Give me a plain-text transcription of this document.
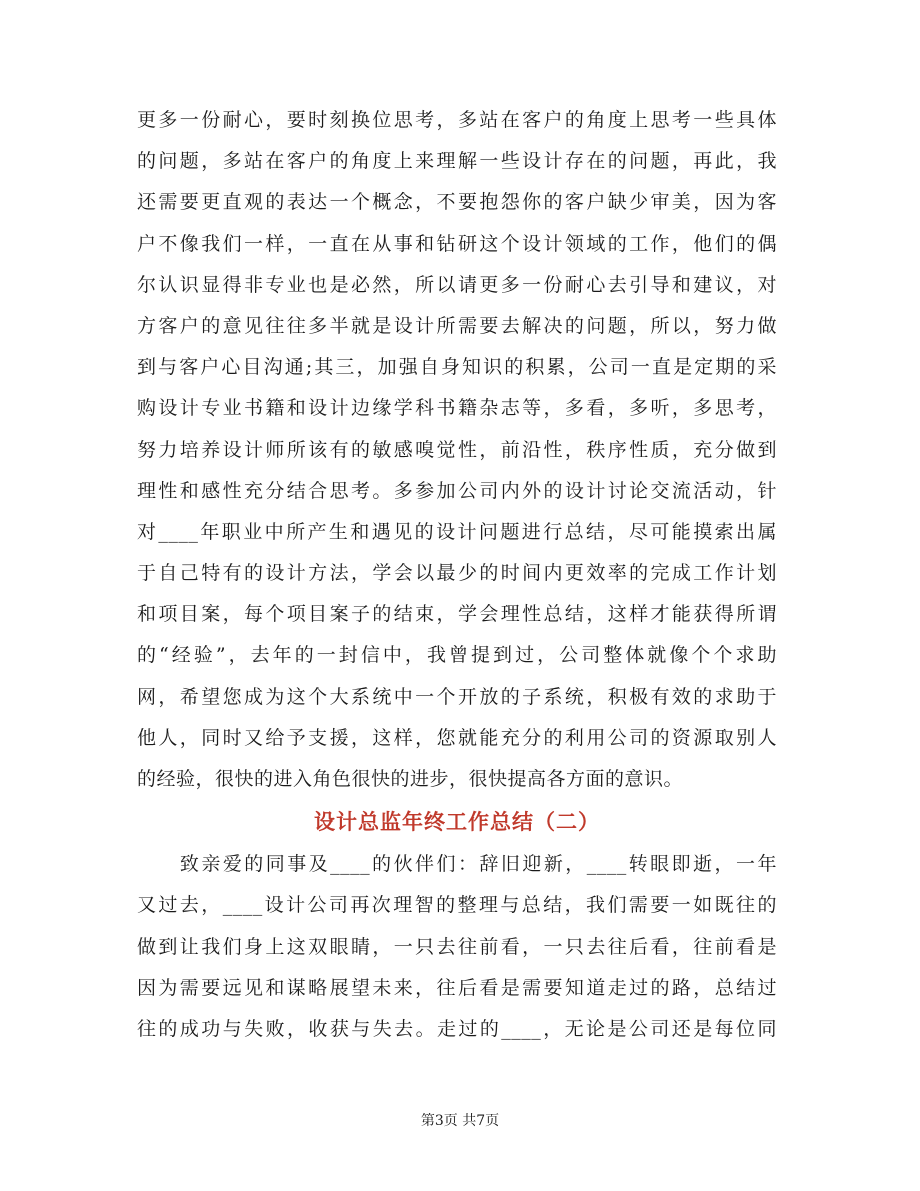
更多一份耐心，要时刻换位思考，多站在客户的角度上思考一些具体
的问题，多站在客户的角度上来理解一些设计存在的问题，再此，我
还需要更直观的表达一个概念，不要抱怨你的客户缺少审美，因为客
户不像我们一样，一直在从事和钻研这个设计领域的工作，他们的偶
尔认识显得非专业也是必然，所以请更多一份耐心去引导和建议，对
方客户的意见往往多半就是设计所需要去解决的问题，所以，努力做
到与客户心目沟通;其三，加强自身知识的积累，公司一直是定期的采
购设计专业书籍和设计边缘学科书籍杂志等，多看，多听，多思考，
努力培养设计师所该有的敏感嗅觉性，前沿性，秩序性质，充分做到
理性和感性充分结合思考。多参加公司内外的设计讨论交流活动，针
对____年职业中所产生和遇见的设计问题进行总结，尽可能摸索出属
于自己特有的设计方法，学会以最少的时间内更效率的完成工作计划
和项目案，每个项目案子的结束，学会理性总结，这样才能获得所谓
的“经验”，去年的一封信中，我曾提到过，公司整体就像个个求助
网，希望您成为这个大系统中一个开放的子系统，积极有效的求助于
他人，同时又给予支援，这样，您就能充分的利用公司的资源取别人
的经验，很快的进入角色很快的进步，很快提高各方面的意识。
设计总监年终工作总结（二）
　　致亲爱的同事及____的伙伴们：辞旧迎新，____转眼即逝，一年
又过去，____设计公司再次理智的整理与总结，我们需要一如既往的
做到让我们身上这双眼睛，一只去往前看，一只去往后看，往前看是
因为需要远见和谋略展望未来，往后看是需要知道走过的路，总结过
往的成功与失败，收获与失去。走过的____，无论是公司还是每位同
第3页 共7页
